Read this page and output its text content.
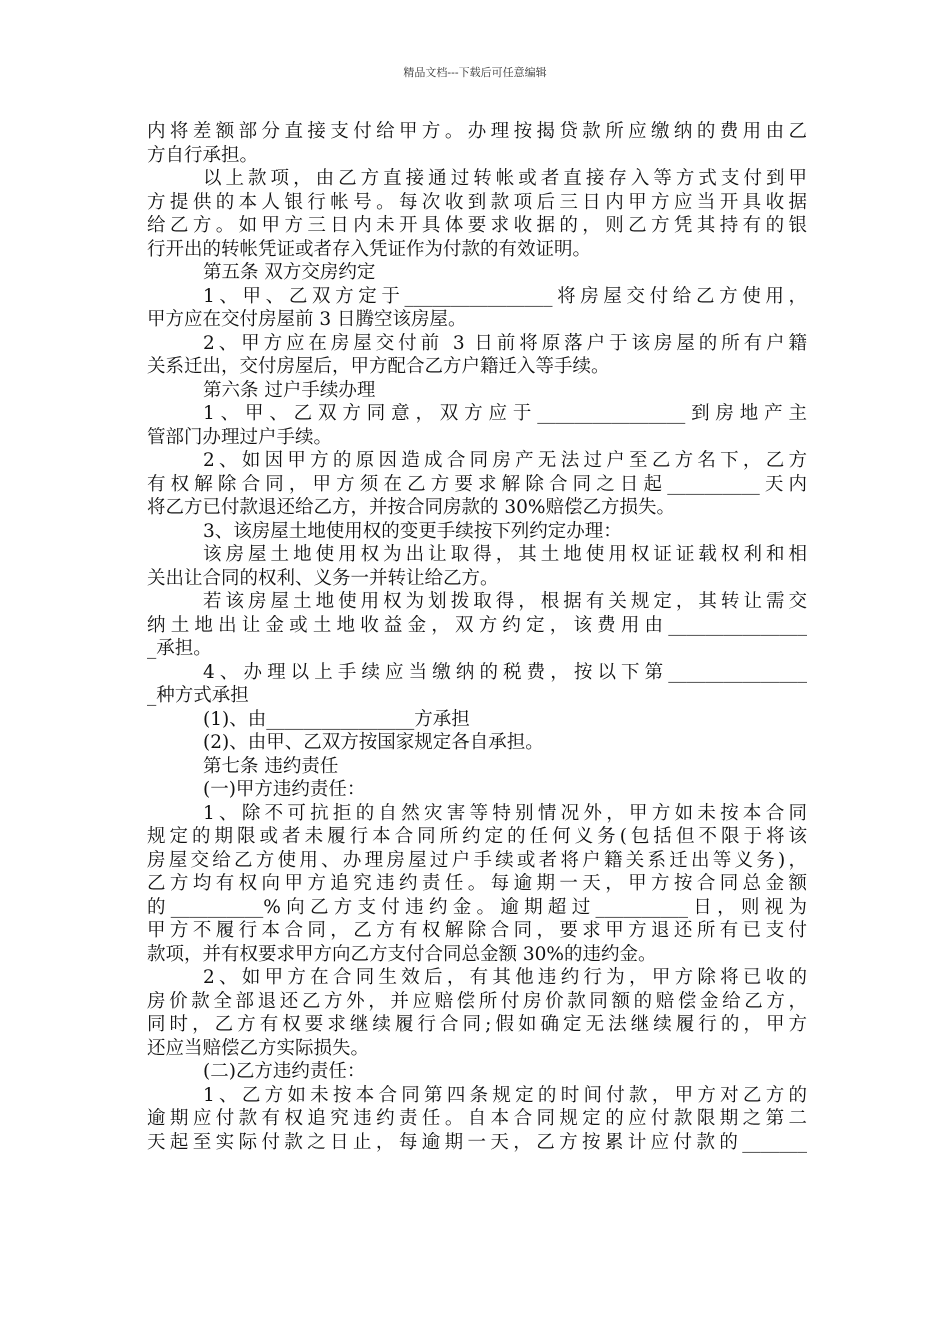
精品文档---下载后可任意编辑
内将差额部分直接支付给甲方。办理按揭贷款所应缴纳的费用由乙
方自行承担。
以上款项，由乙方直接通过转帐或者直接存入等方式支付到甲
方提供的本人银行帐号。每次收到款项后三日内甲方应当开具收据
给乙方。如甲方三日内未开具体要求收据的，则乙方凭其持有的银
行开出的转帐凭证或者存入凭证作为付款的有效证明。
第五条 双方交房约定
1、甲、乙双方定于________________将房屋交付给乙方使用，
甲方应在交付房屋前 3 日腾空该房屋。
2、甲方应在房屋交付前 3 日前将原落户于该房屋的所有户籍
关系迁出，交付房屋后，甲方配合乙方户籍迁入等手续。
第六条 过户手续办理
1、甲、乙双方同意，双方应于________________到房地产主
管部门办理过户手续。
2、如因甲方的原因造成合同房产无法过户至乙方名下，乙方
有权解除合同，甲方须在乙方要求解除合同之日起__________天内
将乙方已付款退还给乙方，并按合同房款的 30%赔偿乙方损失。
3、该房屋土地使用权的变更手续按下列约定办理：
该房屋土地使用权为出让取得，其土地使用权证证载权利和相
关出让合同的权利、义务一并转让给乙方。
若该房屋土地使用权为划拨取得，根据有关规定，其转让需交
纳土地出让金或土地收益金，双方约定，该费用由_______________
_承担。
4、办理以上手续应当缴纳的税费，按以下第_______________
_种方式承担
(1)、由________________方承担
(2)、由甲、乙双方按国家规定各自承担。
第七条 违约责任
(一)甲方违约责任：
1、除不可抗拒的自然灾害等特别情况外，甲方如未按本合同
规定的期限或者未履行本合同所约定的任何义务(包括但不限于将该
房屋交给乙方使用、办理房屋过户手续或者将户籍关系迁出等义务)，
乙方均有权向甲方追究违约责任。每逾期一天，甲方按合同总金额
的__________%向乙方支付违约金。逾期超过__________日，则视为
甲方不履行本合同，乙方有权解除合同，要求甲方退还所有已支付
款项，并有权要求甲方向乙方支付合同总金额 30%的违约金。
2、如甲方在合同生效后，有其他违约行为，甲方除将已收的
房价款全部退还乙方外，并应赔偿所付房价款同额的赔偿金给乙方，
同时，乙方有权要求继续履行合同;假如确定无法继续履行的，甲方
还应当赔偿乙方实际损失。
(二)乙方违约责任：
1、乙方如未按本合同第四条规定的时间付款，甲方对乙方的
逾期应付款有权追究违约责任。自本合同规定的应付款限期之第二
天起至实际付款之日止，每逾期一天，乙方按累计应付款的_______
